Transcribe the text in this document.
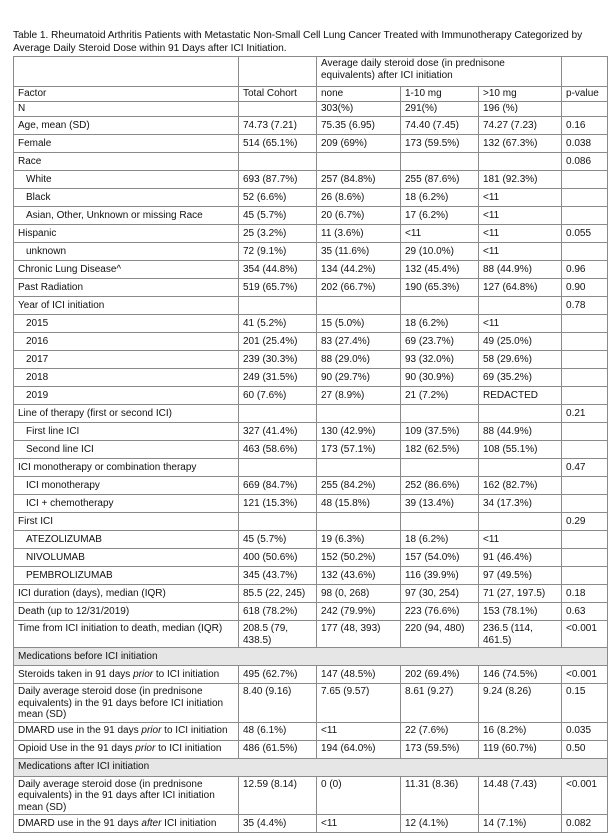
Table 1. Rheumatoid Arthritis Patients with Metastatic Non-Small Cell Lung Cancer Treated with Immunotherapy Categorized by Average Daily Steroid Dose within 91 Days after ICI Initiation.
		Average daily steroid dose (in prednisone equivalents) after ICI initiation			
Factor	Total Cohort	none	1-10 mg	>10 mg	p-value
N		303(%)	291(%)	196 (%)	
Age, mean (SD)	74.73 (7.21)	75.35 (6.95)	74.40 (7.45)	74.27 (7.23)	0.16
Female	514 (65.1%)	209 (69%)	173 (59.5%)	132 (67.3%)	0.038
Race					0.086
White	693 (87.7%)	257 (84.8%)	255 (87.6%)	181 (92.3%)	
Black	52 (6.6%)	26 (8.6%)	18 (6.2%)	<11	
Asian, Other, Unknown or missing Race	45 (5.7%)	20 (6.7%)	17 (6.2%)	<11	
Hispanic	25 (3.2%)	11 (3.6%)	<11	<11	0.055
unknown	72 (9.1%)	35 (11.6%)	29 (10.0%)	<11	
Chronic Lung Disease^	354 (44.8%)	134 (44.2%)	132 (45.4%)	88 (44.9%)	0.96
Past Radiation	519 (65.7%)	202 (66.7%)	190 (65.3%)	127 (64.8%)	0.90
Year of ICI initiation					0.78
2015	41 (5.2%)	15 (5.0%)	18 (6.2%)	<11	
2016	201 (25.4%)	83 (27.4%)	69 (23.7%)	49 (25.0%)	
2017	239 (30.3%)	88 (29.0%)	93 (32.0%)	58 (29.6%)	
2018	249 (31.5%)	90 (29.7%)	90 (30.9%)	69 (35.2%)	
2019	60 (7.6%)	27 (8.9%)	21 (7.2%)	REDACTED	
Line of therapy (first or second ICI)					0.21
First line ICI	327 (41.4%)	130 (42.9%)	109 (37.5%)	88 (44.9%)	
Second line ICI	463 (58.6%)	173 (57.1%)	182 (62.5%)	108 (55.1%)	
ICI monotherapy or combination therapy					0.47
ICI monotherapy	669 (84.7%)	255 (84.2%)	252 (86.6%)	162 (82.7%)	
ICI + chemotherapy	121 (15.3%)	48 (15.8%)	39 (13.4%)	34 (17.3%)	
First ICI					0.29
ATEZOLIZUMAB	45 (5.7%)	19 (6.3%)	18 (6.2%)	<11	
NIVOLUMAB	400 (50.6%)	152 (50.2%)	157 (54.0%)	91 (46.4%)	
PEMBROLIZUMAB	345 (43.7%)	132 (43.6%)	116 (39.9%)	97 (49.5%)	
ICI duration (days), median (IQR)	85.5 (22, 245)	98 (0, 268)	97 (30, 254)	71 (27, 197.5)	0.18
Death (up to 12/31/2019)	618 (78.2%)	242 (79.9%)	223 (76.6%)	153 (78.1%)	0.63
Time from ICI initiation to death, median (IQR)	208.5 (79, 438.5)	177 (48, 393)	220 (94, 480)	236.5 (114, 461.5)	<0.001
Medications before ICI initiation					
Steroids taken in 91 days prior to ICI initiation	495 (62.7%)	147 (48.5%)	202 (69.4%)	146 (74.5%)	<0.001
Daily average steroid dose (in prednisone equivalents) in the 91 days before ICI initiation mean (SD)	8.40 (9.16)	7.65 (9.57)	8.61 (9.27)	9.24 (8.26)	0.15
DMARD use in the 91 days prior to ICI initiation	48 (6.1%)	<11	22 (7.6%)	16 (8.2%)	0.035
Opioid Use in the 91 days prior to ICI initiation	486 (61.5%)	194 (64.0%)	173 (59.5%)	119 (60.7%)	0.50
Medications after ICI initiation					
Daily average steroid dose (in prednisone equivalents) in the 91 days after ICI initiation mean (SD)	12.59 (8.14)	0 (0)	11.31 (8.36)	14.48 (7.43)	<0.001
DMARD use in the 91 days after ICI initiation	35 (4.4%)	<11	12 (4.1%)	14 (7.1%)	0.082
